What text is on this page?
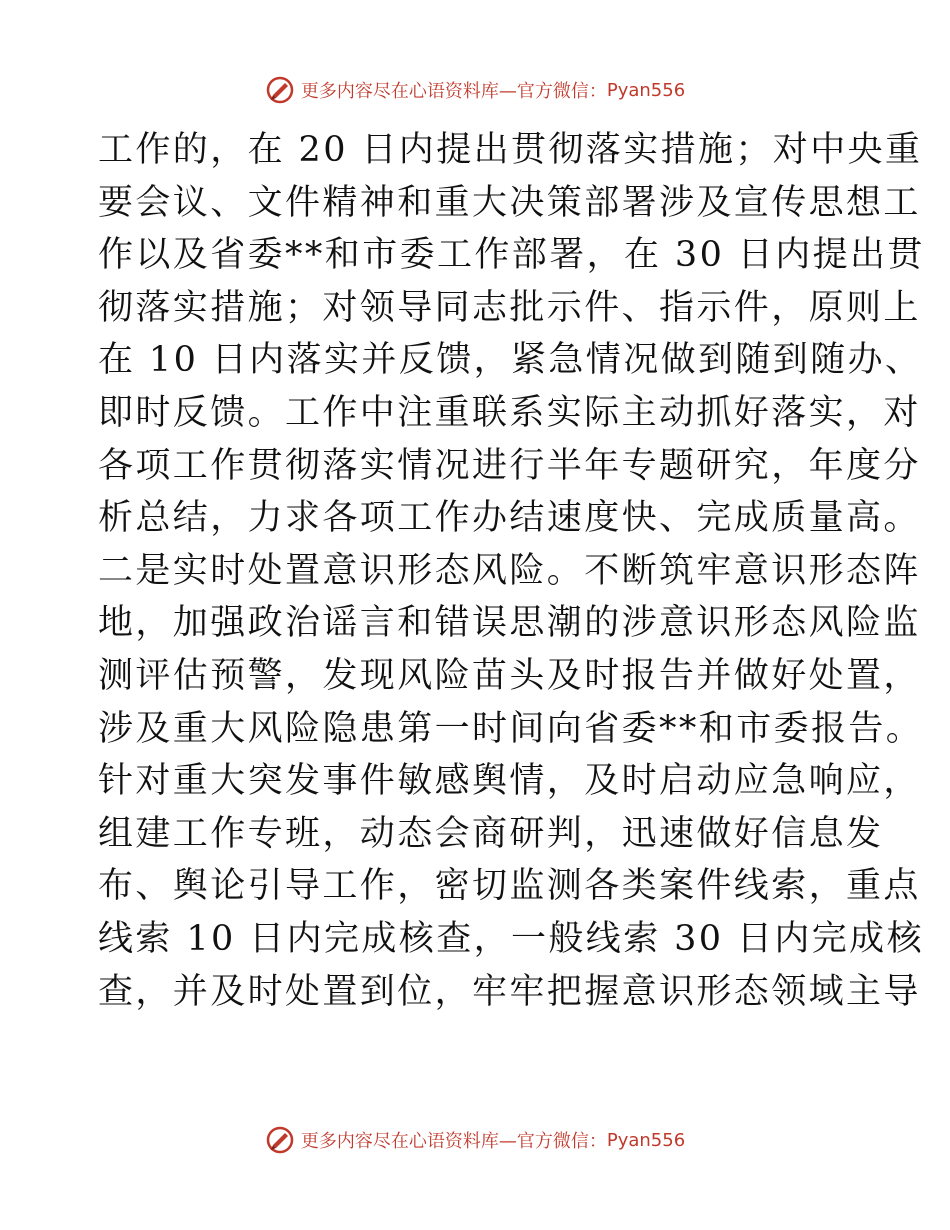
更多内容尽在心语资料库—官方微信： Pyan556
工作的，在 20 日内提出贯彻落实措施；对中央重
要会议、文件精神和重大决策部署涉及宣传思想工
作以及省委**和市委工作部署，在 30 日内提出贯
彻落实措施；对领导同志批示件、指示件，原则上
在 10 日内落实并反馈，紧急情况做到随到随办、
即时反馈。工作中注重联系实际主动抓好落实，对
各项工作贯彻落实情况进行半年专题研究，年度分
析总结，力求各项工作办结速度快、完成质量高。
二是实时处置意识形态风险。不断筑牢意识形态阵
地，加强政治谣言和错误思潮的涉意识形态风险监
测评估预警，发现风险苗头及时报告并做好处置，
涉及重大风险隐患第一时间向省委**和市委报告。
针对重大突发事件敏感舆情，及时启动应急响应，
组建工作专班，动态会商研判，迅速做好信息发
布、舆论引导工作，密切监测各类案件线索，重点
线索 10 日内完成核查，一般线索 30 日内完成核
查，并及时处置到位，牢牢把握意识形态领域主导
更多内容尽在心语资料库—官方微信： Pyan556
